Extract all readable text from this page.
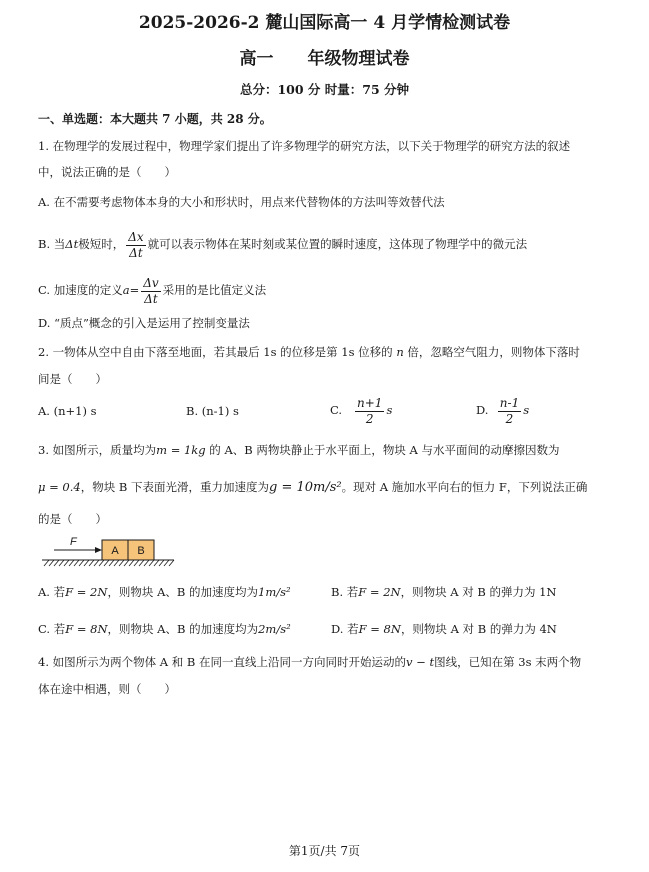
2025-2026-2 麓山国际高一 4 月学情检测试卷
高一 年级物理试卷
总分：100 分 时量：75 分钟
一、单选题：本大题共 7 小题，共 28 分。
1. 在物理学的发展过程中，物理学家们提出了许多物理学的研究方法，以下关于物理学的研究方法的叙述
中，说法正确的是（　　）
A. 在不需要考虑物体本身的大小和形状时，用点来代替物体的方法叫等效替代法
B. 当Δt极短时， $\frac{\Delta x}{\Delta t}$ 就可以表示物体在某时刻或某位置的瞬时速度，这体现了物理学中的微元法
C. 加速度的定义$a= \frac{\Delta v}{\Delta t}$ 采用的是比值定义法
D. “质点”概念的引入是运用了控制变量法
2. 一物体从空中自由下落至地面，若其最后 1s 的位移是第 1s 位移的 n 倍，忽略空气阻力，则物体下落时
间是（　　）
A. (n+1) s	B. (n-1) s	C. $\frac{n+1}{2}$ s	D. $\frac{n-1}{2}$ s
3. 如图所示，质量均为m = 1kg 的 A、B 两物块静止于水平面上，物块 A 与水平面间的动摩擦因数为
μ = 0.4，物块 B 下表面光滑，重力加速度为g = 10m/s²。现对 A 施加水平向右的恒力 F，下列说法正确
的是（　　）
F
A B
A. 若F = 2N，则物块 A、B 的加速度均为1m/s²	B. 若F = 2N，则物块 A 对 B 的弹力为 1N
C. 若F = 8N，则物块 A、B 的加速度均为2m/s²	D. 若F = 8N，则物块 A 对 B 的弹力为 4N
4. 如图所示为两个物体 A 和 B 在同一直线上沿同一方向同时开始运动的v − t图线，已知在第 3s 末两个物
体在途中相遇，则（　　）
第1页/共 7页
